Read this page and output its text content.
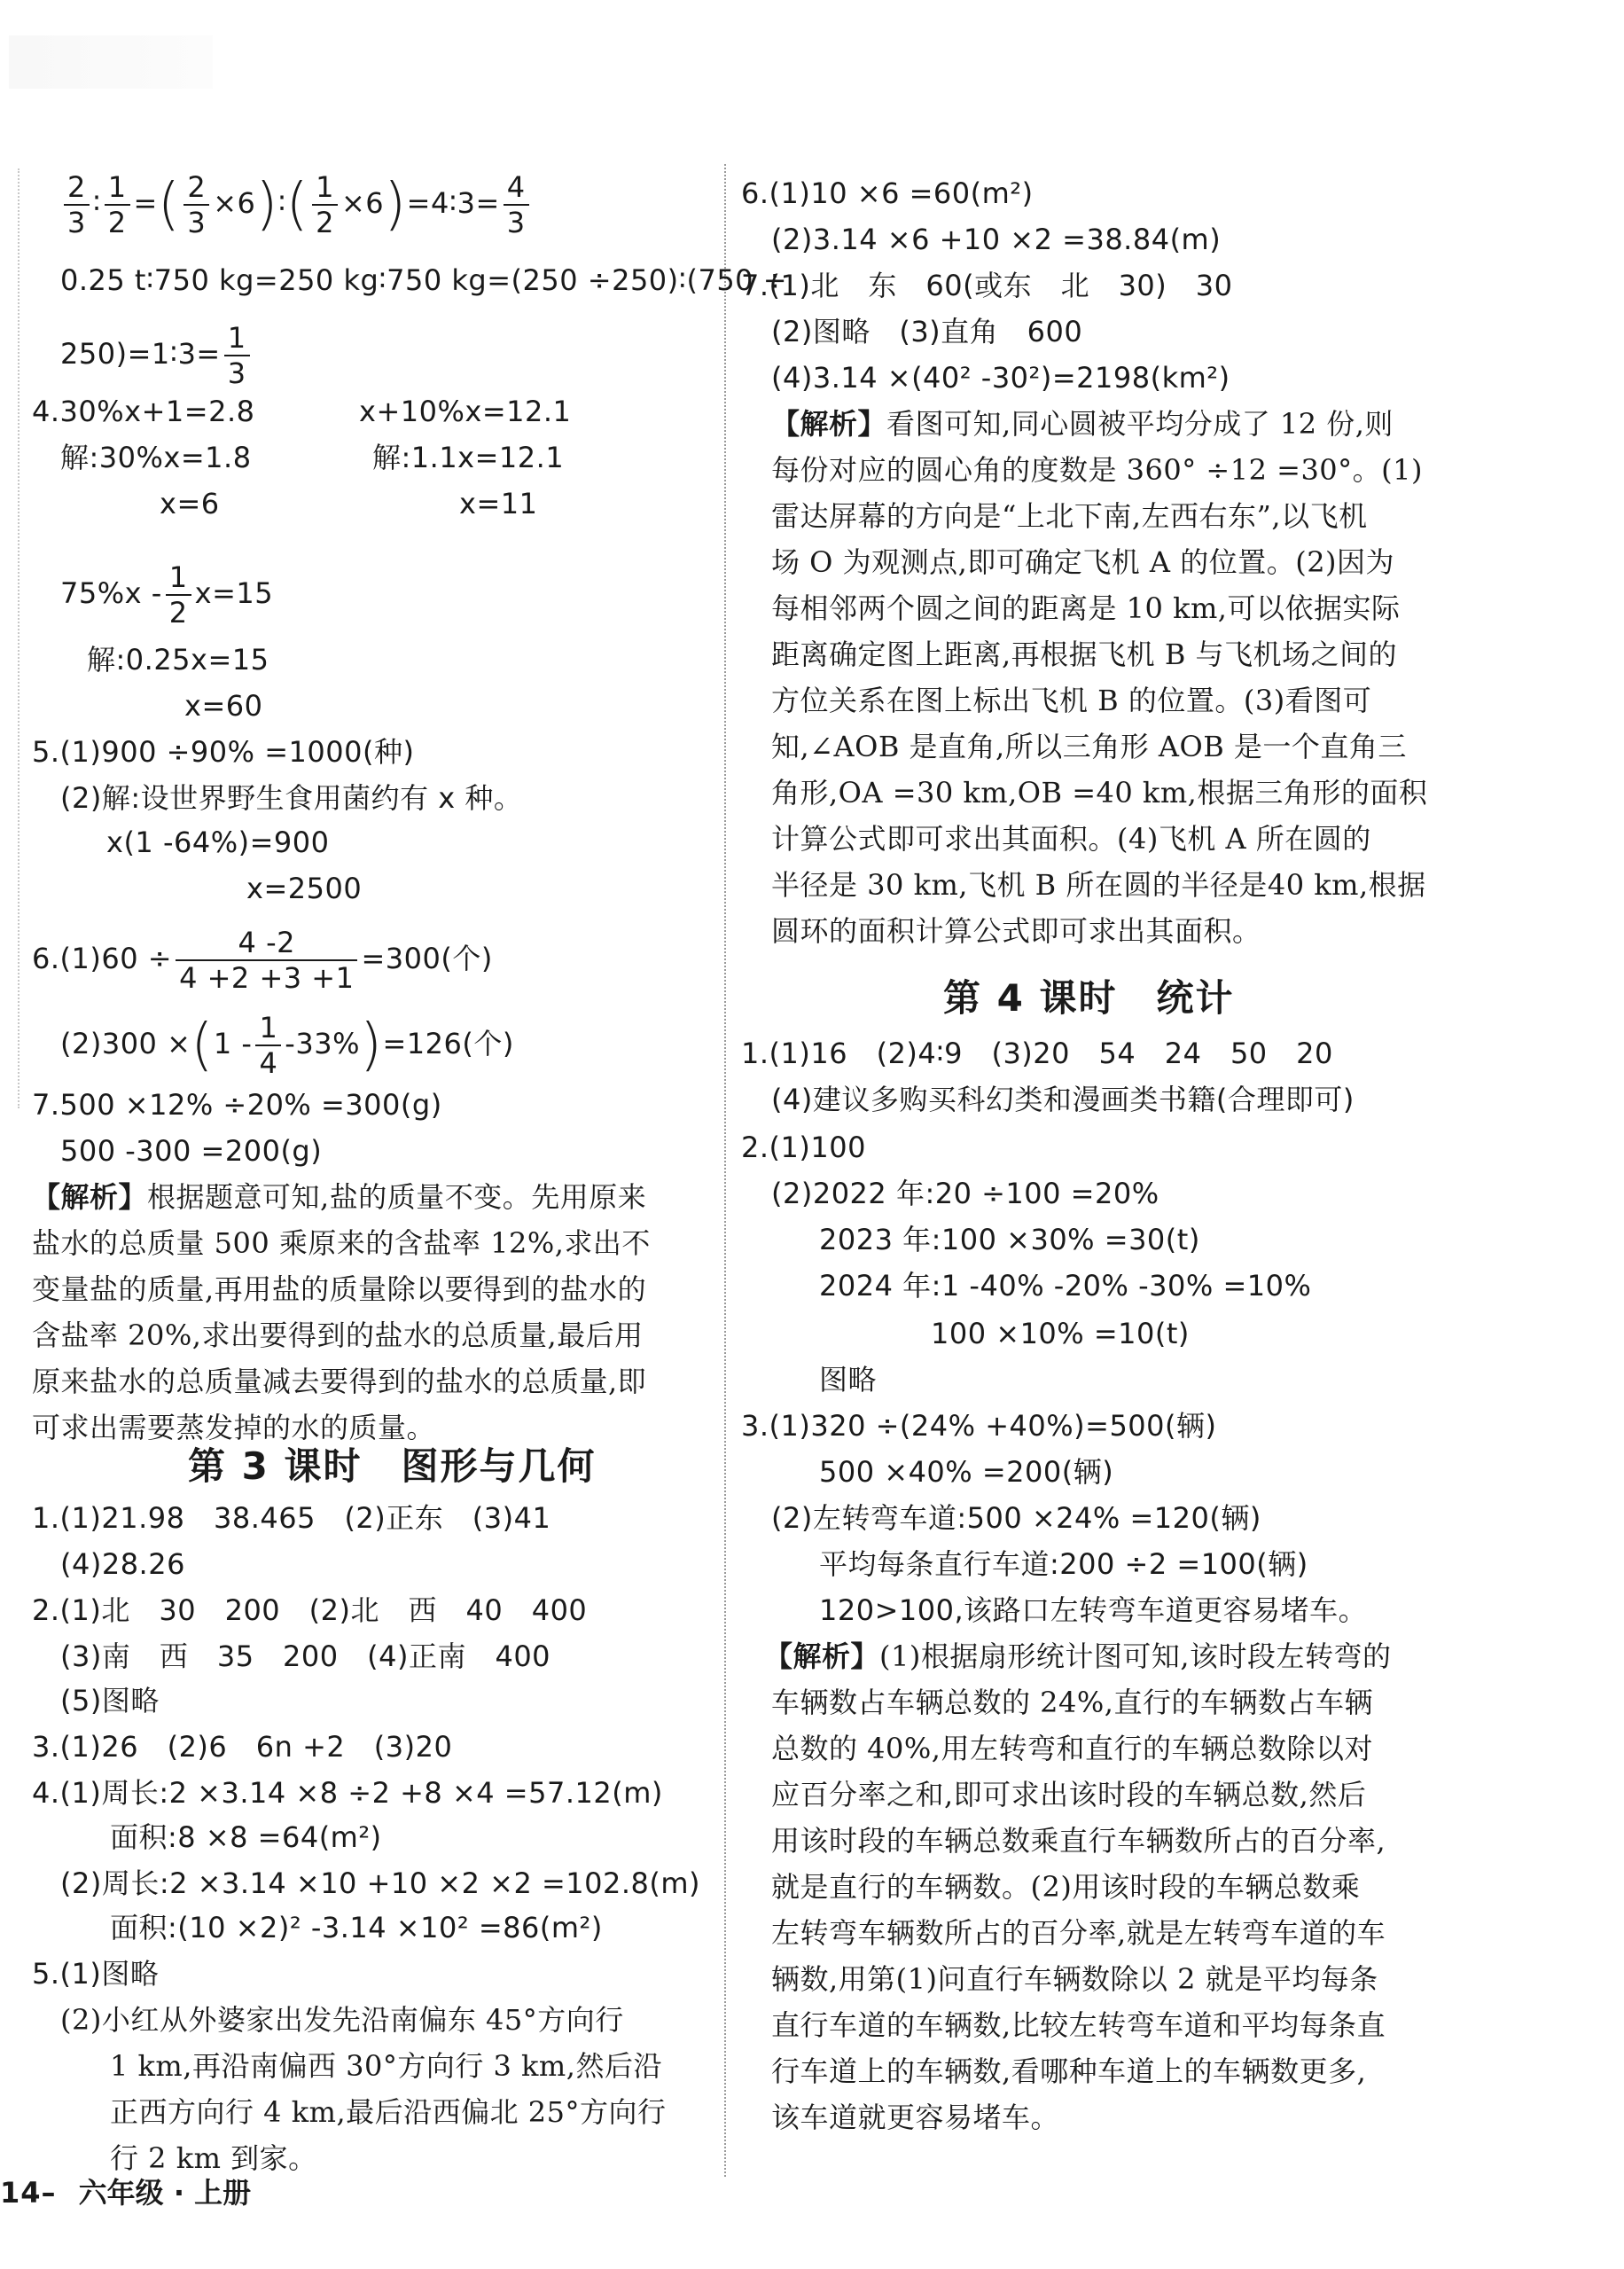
$\frac{2}{3}$ ∶ $\frac{1}{2}$ =( $\frac{2}{3}$ ×6)∶( $\frac{1}{2}$ ×6)=4∶3= $\frac{4}{3}$
0.25 t∶750 kg=250 kg∶750 kg=(250 ÷250)∶(750 ÷
250)=1∶3= $\frac{1}{3}$
4.30%x+1=2.8	x+10%x=12.1
解:30%x=1.8	解:1.1x=12.1
x=6	x=11
$75\%x - \frac{1}{2} x=15$
解:0.25x=15
x=60
5.(1)900 ÷90% =1000(种)
(2)解:设世界野生食用菌约有 x 种。
x(1 -64%)=900
x=2500
$6.(1)60 \div \frac{4 -2}{4 +2 +3 +1} =300$(个)
$(2)300 \times(1 - \frac{1}{4} -33\%)=126$(个)
7.500 ×12% ÷20% =300(g)
500 -300 =200(g)
【解析】根据题意可知,盐的质量不变。先用原来
盐水的总质量 500 乘原来的含盐率 12%,求出不
变量盐的质量,再用盐的质量除以要得到的盐水的
含盐率 20%,求出要得到的盐水的总质量,最后用
原来盐水的总质量减去要得到的盐水的总质量,即
可求出需要蒸发掉的水的质量。
第 3 课时　图形与几何
1.(1)21.98　38.465　(2)正东　(3)41
(4)28.26
2.(1)北　30　200　(2)北　西　40　400
(3)南　西　35　200　(4)正南　400
(5)图略
3.(1)26　(2)6　6n +2　(3)20
4.(1)周长:2 ×3.14 ×8 ÷2 +8 ×4 =57.12(m)
面积:8 ×8 =64(m²)
(2)周长:2 ×3.14 ×10 +10 ×2 ×2 =102.8(m)
面积:(10 ×2)² -3.14 ×10² =86(m²)
5.(1)图略
(2)小红从外婆家出发先沿南偏东 45°方向行
1 km,再沿南偏西 30°方向行 3 km,然后沿
正西方向行 4 km,最后沿西偏北 25°方向行
行 2 km 到家。
6.(1)10 ×6 =60(m²)
(2)3.14 ×6 +10 ×2 =38.84(m)
7.(1)北　东　60(或东　北　30)　30
(2)图略　(3)直角　600
(4)3.14 ×(40² -30²)=2198(km²)
【解析】看图可知,同心圆被平均分成了 12 份,则
每份对应的圆心角的度数是 360° ÷12 =30°。(1)
雷达屏幕的方向是“上北下南,左西右东”,以飞机
场 O 为观测点,即可确定飞机 A 的位置。(2)因为
每相邻两个圆之间的距离是 10 km,可以依据实际
距离确定图上距离,再根据飞机 B 与飞机场之间的
方位关系在图上标出飞机 B 的位置。(3)看图可
知,∠AOB 是直角,所以三角形 AOB 是一个直角三
角形,OA =30 km,OB =40 km,根据三角形的面积
计算公式即可求出其面积。(4)飞机 A 所在圆的
半径是 30 km,飞机 B 所在圆的半径是40 km,根据
圆环的面积计算公式即可求出其面积。
第 4 课时　统计
1.(1)16　(2)4∶9　(3)20　54　24　50　20
(4)建议多购买科幻类和漫画类书籍(合理即可)
2.(1)100
(2)2022 年:20 ÷100 =20%
2023 年:100 ×30% =30(t)
2024 年:1 -40% -20% -30% =10%
100 ×10% =10(t)
图略
3.(1)320 ÷(24% +40%)=500(辆)
500 ×40% =200(辆)
(2)左转弯车道:500 ×24% =120(辆)
平均每条直行车道:200 ÷2 =100(辆)
120>100,该路口左转弯车道更容易堵车。
【解析】(1)根据扇形统计图可知,该时段左转弯的
车辆数占车辆总数的 24%,直行的车辆数占车辆
总数的 40%,用左转弯和直行的车辆总数除以对
应百分率之和,即可求出该时段的车辆总数,然后
用该时段的车辆总数乘直行车辆数所占的百分率,
就是直行的车辆数。(2)用该时段的车辆总数乘
左转弯车辆数所占的百分率,就是左转弯车道的车
辆数,用第(1)问直行车辆数除以 2 就是平均每条
直行车道的车辆数,比较左转弯车道和平均每条直
行车道上的车辆数,看哪种车道上的车辆数更多,
该车道就更容易堵车。
14– 六年级 · 上册
